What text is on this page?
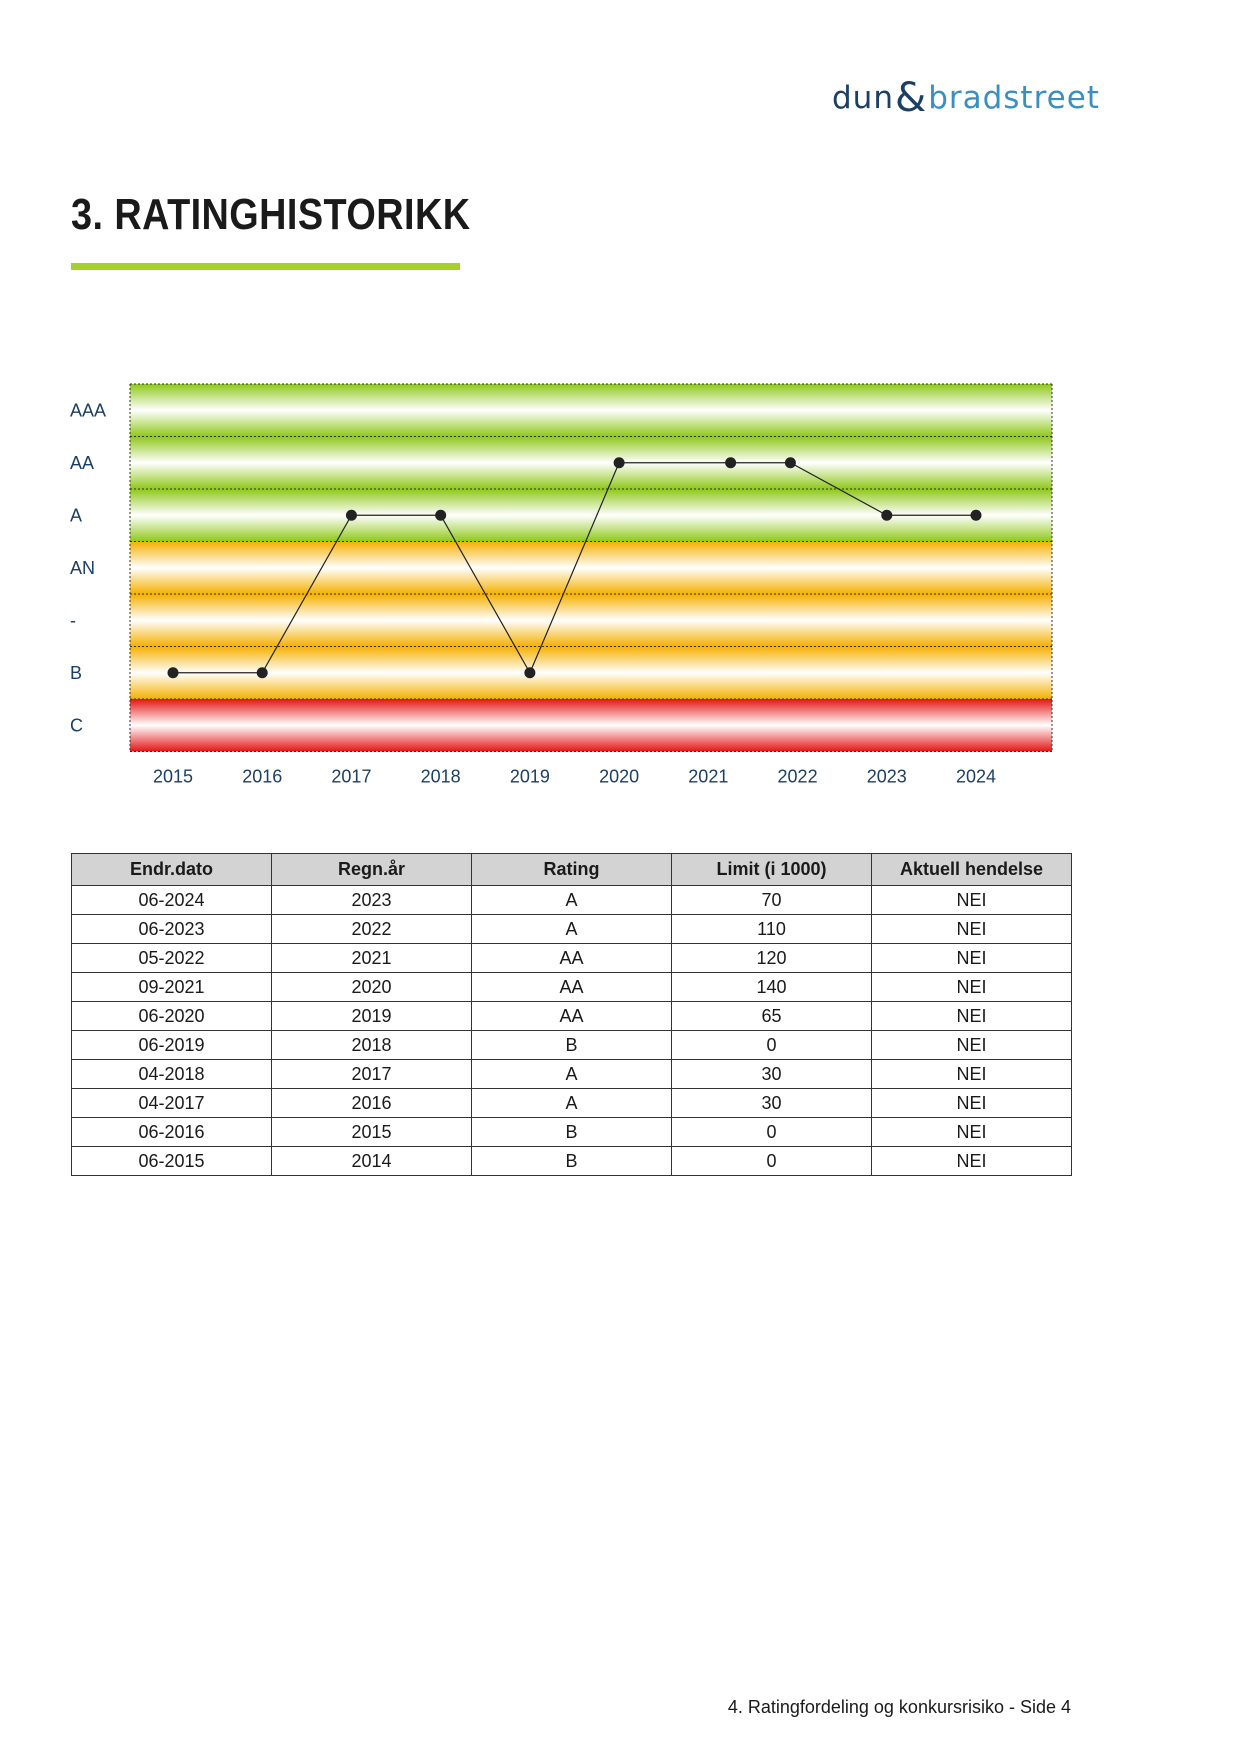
dun & bradstreet
3. RATINGHISTORIKK
AAA
AA
A
AN
-
B
C
2015	2016	2017	2018	2019	2020	2021	2022	2023	2024
Endr.dato	Regn.år	Rating	Limit (i 1000)	Aktuell hendelse
06-2024	2023	A	70	NEI
06-2023	2022	A	110	NEI
05-2022	2021	AA	120	NEI
09-2021	2020	AA	140	NEI
06-2020	2019	AA	65	NEI
06-2019	2018	B	0	NEI
04-2018	2017	A	30	NEI
04-2017	2016	A	30	NEI
06-2016	2015	B	0	NEI
06-2015	2014	B	0	NEI
4. Ratingfordeling og konkursrisiko - Side 4
